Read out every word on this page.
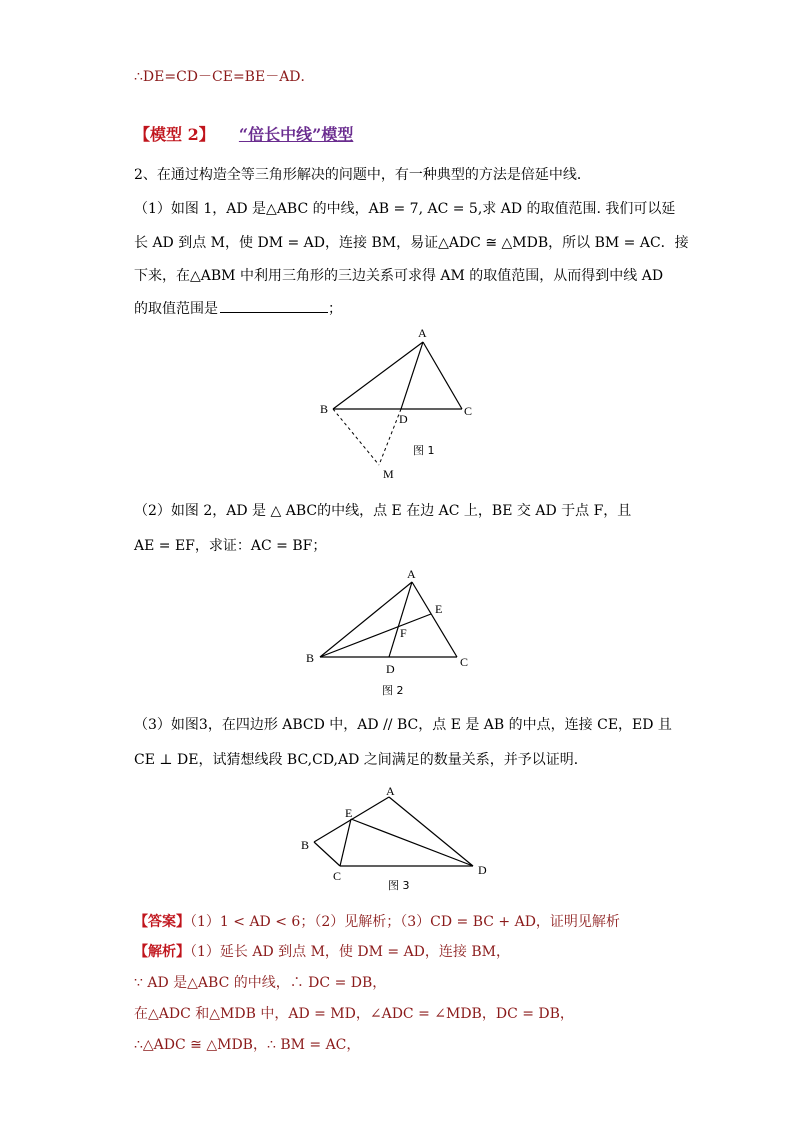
∴DE=CD－CE=BE－AD．
【模型 2】 “倍长中线”模型
2、在通过构造全等三角形解决的问题中，有一种典型的方法是倍延中线．
（1）如图 1，AD 是△ABC 的中线，AB = 7, AC = 5,求 AD 的取值范围. 我们可以延
长 AD 到点 M，使 DM = AD，连接 BM，易证△ADC ≅ △MDB，所以 BM = AC．接
下来，在△ABM 中利用三角形的三边关系可求得 AM 的取值范围，从而得到中线 AD
的取值范围是	；
A
B	C
D
M
图 1
（2）如图 2，AD 是 △ ABC的中线，点 E 在边 AC 上，BE 交 AD 于点 F，且
AE = EF，求证：AC = BF；
A
B	C
D
E
F
图 2
（3）如图3，在四边形 ABCD 中，AD // BC，点 E 是 AB 的中点，连接 CE，ED 且
CE ⊥ DE，试猜想线段 BC,CD,AD 之间满足的数量关系，并予以证明．
A
B
C	D
E
图 3
【答案】（1）1 < AD < 6；（2）见解析；（3）CD = BC + AD，证明见解析
【解析】（1）延长 AD 到点 M，使 DM = AD，连接 BM，
∵ AD 是△ABC 的中线，∴ DC = DB，
在△ADC 和△MDB 中，AD = MD，∠ADC = ∠MDB，DC = DB，
∴△ADC ≅ △MDB，∴ BM = AC，
